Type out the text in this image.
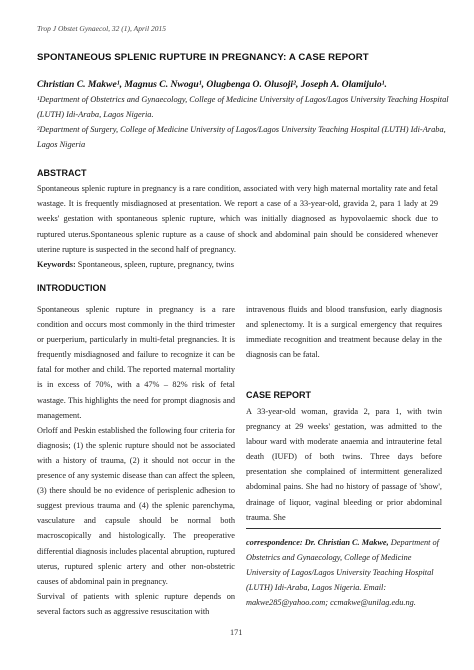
Trop J Obstet Gynaecol, 32 (1), April 2015
SPONTANEOUS SPLENIC RUPTURE IN PREGNANCY: A CASE REPORT
Christian C. Makwe¹, Magnus C. Nwogu¹, Olugbenga O. Olusoji², Joseph A. Olamijulo¹.
¹Department of Obstetrics and Gynaecology, College of Medicine University of Lagos/Lagos University Teaching Hospital (LUTH) Idi-Araba, Lagos Nigeria.
²Department of Surgery, College of Medicine University of Lagos/Lagos University Teaching Hospital (LUTH) Idi-Araba, Lagos Nigeria
ABSTRACT
Spontaneous splenic rupture in pregnancy is a rare condition, associated with very high maternal mortality rate and fetal wastage. It is frequently misdiagnosed at presentation. We report a case of a 33-year-old, gravida 2, para 1 lady at 29 weeks' gestation with spontaneous splenic rupture, which was initially diagnosed as hypovolaemic shock due to ruptured uterus.Spontaneous splenic rupture as a cause of shock and abdominal pain should be considered whenever uterine rupture is suspected in the second half of pregnancy.
Keywords: Spontaneous, spleen, rupture, pregnancy, twins
INTRODUCTION

Spontaneous splenic rupture in pregnancy is a rare condition and occurs most commonly in the third trimester or puerperium, particularly in multi-fetal pregnancies. It is frequently misdiagnosed and failure to recognize it can be fatal for mother and child. The reported maternal mortality is in excess of 70%, with a 47% – 82% risk of fetal wastage. This highlights the need for prompt diagnosis and management.

Orloff and Peskin established the following four criteria for diagnosis; (1) the splenic rupture should not be associated with a history of trauma, (2) it should not occur in the presence of any systemic disease than can affect the spleen, (3) there should be no evidence of perisplenic adhesion to suggest previous trauma and (4) the splenic parenchyma, vasculature and capsule should be normal both macroscopically and histologically. The preoperative differential diagnosis includes placental abruption, ruptured uterus, ruptured splenic artery and other non-obstetric causes of abdominal pain in pregnancy.

Survival of patients with splenic rupture depends on several factors such as aggressive resuscitation with

intravenous fluids and blood transfusion, early diagnosis and splenectomy. It is a surgical emergency that requires immediate recognition and treatment because delay in the diagnosis can be fatal.

CASE REPORT

A 33-year-old woman, gravida 2, para 1, with twin pregnancy at 29 weeks' gestation, was admitted to the labour ward with moderate anaemia and intrauterine fetal death (IUFD) of both twins. Three days before presentation she complained of intermittent generalized abdominal pains. She had no history of passage of 'show', drainage of liquor, vaginal bleeding or prior abdominal trauma. She

correspondence: Dr. Christian C. Makwe, Department of Obstetrics and Gynaecology, College of Medicine University of Lagos/Lagos University Teaching Hospital (LUTH) Idi-Araba, Lagos Nigeria. Email: makwe285@yahoo.com; ccmakwe@unilag.edu.ng.
171
